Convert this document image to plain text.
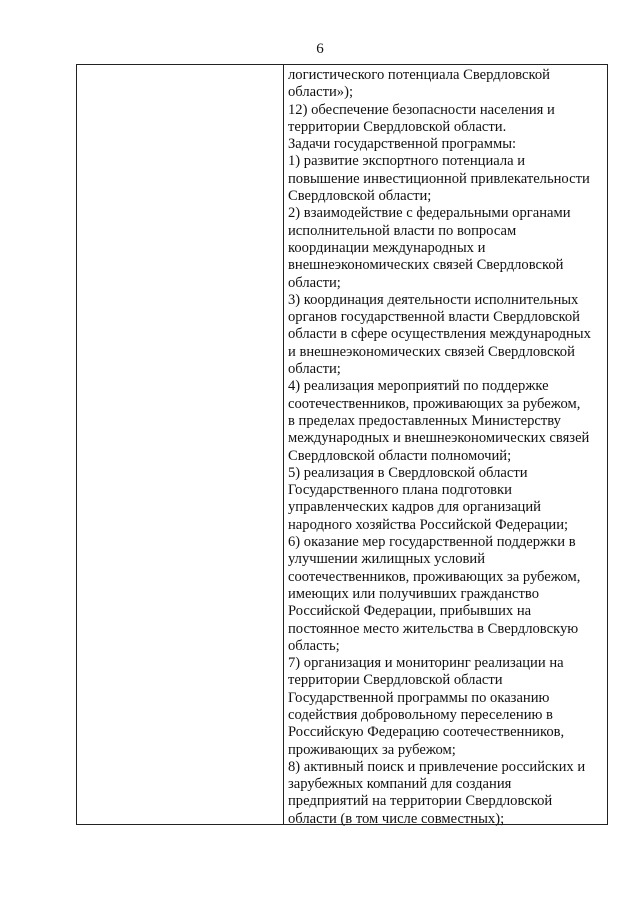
6
логистического потенциала Свердловской
области»);
12) обеспечение безопасности населения и
территории Свердловской области.
Задачи государственной программы:
1) развитие экспортного потенциала и
повышение инвестиционной привлекательности
Свердловской области;
2) взаимодействие с федеральными органами
исполнительной власти по вопросам
координации международных и
внешнеэкономических связей Свердловской
области;
3) координация деятельности исполнительных
органов государственной власти Свердловской
области в сфере осуществления международных
и внешнеэкономических связей Свердловской
области;
4) реализация мероприятий по поддержке
соотечественников, проживающих за рубежом,
в пределах предоставленных Министерству
международных и внешнеэкономических связей
Свердловской области полномочий;
5) реализация в Свердловской области
Государственного плана подготовки
управленческих кадров для организаций
народного хозяйства Российской Федерации;
6) оказание мер государственной поддержки в
улучшении жилищных условий
соотечественников, проживающих за рубежом,
имеющих или получивших гражданство
Российской Федерации, прибывших на
постоянное место жительства в Свердловскую
область;
7) организация и мониторинг реализации на
территории Свердловской области
Государственной программы по оказанию
содействия добровольному переселению в
Российскую Федерацию соотечественников,
проживающих за рубежом;
8) активный поиск и привлечение российских и
зарубежных компаний для создания
предприятий на территории Свердловской
области (в том числе совместных);
